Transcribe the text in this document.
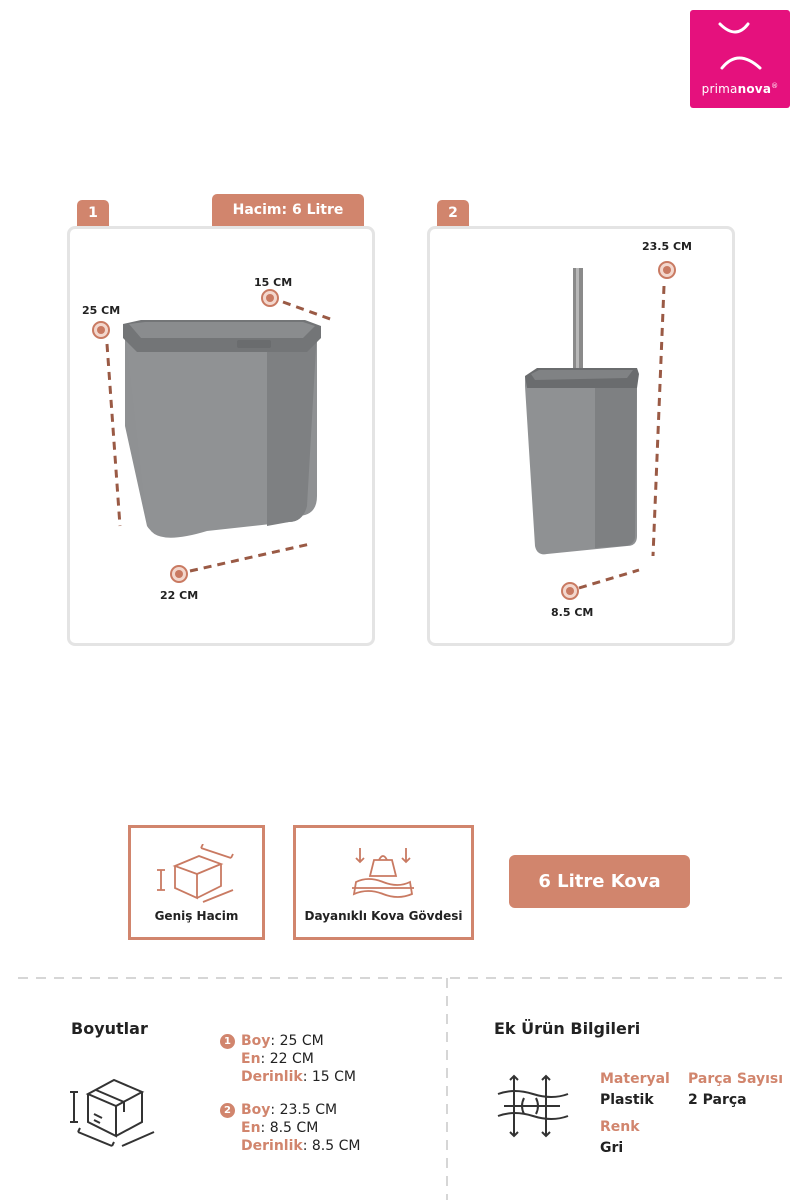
primanova®
1	Hacim: 6 Litre
25 CM
15 CM
22 CM
2
23.5 CM
8.5 CM
Geniş Hacim	Dayanıklı Kova Gövdesi
6 Litre Kova
Boyutlar
1 Boy: 25 CM
En: 22 CM
Derinlik: 15 CM
2 Boy: 23.5 CM
En: 8.5 CM
Derinlik: 8.5 CM
Ek Ürün Bilgileri
Materyal
Plastik
Parça Sayısı
2 Parça
Renk
Gri
